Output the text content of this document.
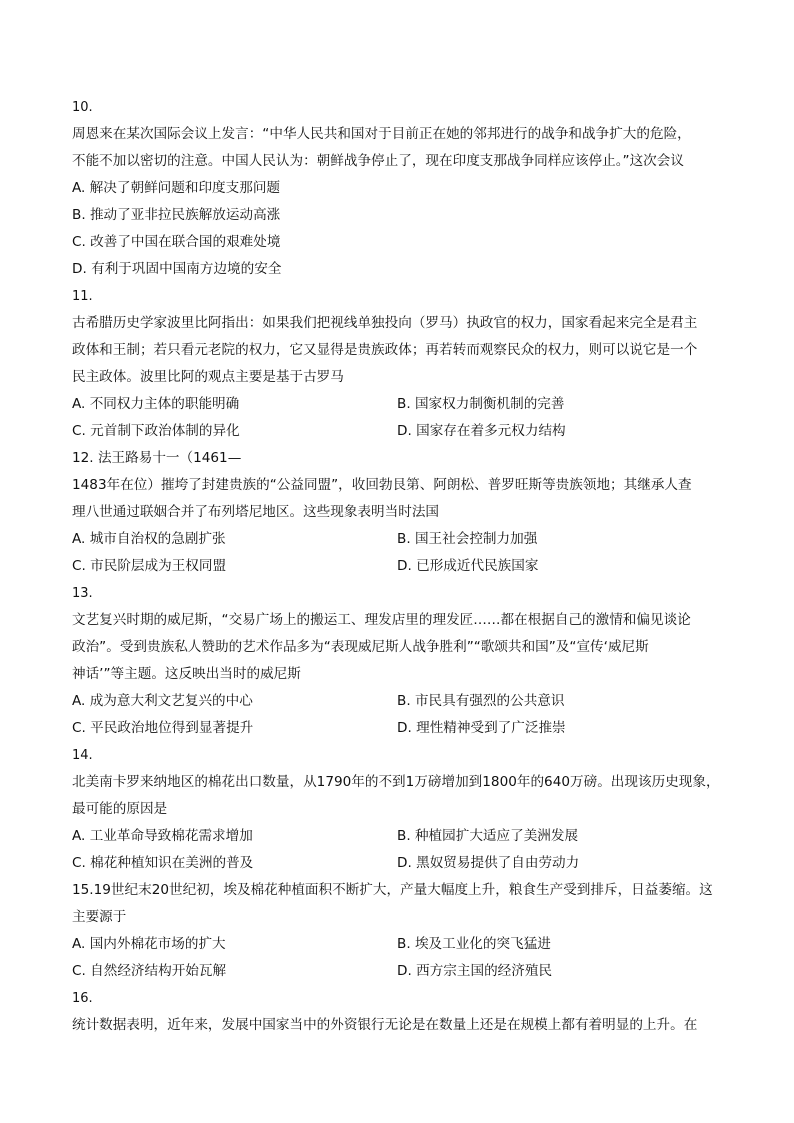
10.
周恩来在某次国际会议上发言：“中华人民共和国对于目前正在她的邻邦进行的战争和战争扩大的危险，
不能不加以密切的注意。中国人民认为：朝鲜战争停止了，现在印度支那战争同样应该停止。”这次会议
A. 解决了朝鲜问题和印度支那问题
B. 推动了亚非拉民族解放运动高涨
C. 改善了中国在联合国的艰难处境
D. 有利于巩固中国南方边境的安全
11.
古希腊历史学家波里比阿指出：如果我们把视线单独投向（罗马）执政官的权力，国家看起来完全是君主
政体和王制；若只看元老院的权力，它又显得是贵族政体；再若转而观察民众的权力，则可以说它是一个
民主政体。波里比阿的观点主要是基于古罗马
A. 不同权力主体的职能明确	B. 国家权力制衡机制的完善
C. 元首制下政治体制的异化	D. 国家存在着多元权力结构
12. 法王路易十一（1461—
1483年在位）摧垮了封建贵族的“公益同盟”，收回勃艮第、阿朗松、普罗旺斯等贵族领地；其继承人查
理八世通过联姻合并了布列塔尼地区。这些现象表明当时法国
A. 城市自治权的急剧扩张	B. 国王社会控制力加强
C. 市民阶层成为王权同盟	D. 已形成近代民族国家
13.
文艺复兴时期的威尼斯，“交易广场上的搬运工、理发店里的理发匠……都在根据自己的激情和偏见谈论
政治”。受到贵族私人赞助的艺术作品多为“表现威尼斯人战争胜利”“歌颂共和国”及“宣传‘威尼斯
神话’”等主题。这反映出当时的威尼斯
A. 成为意大利文艺复兴的中心	B. 市民具有强烈的公共意识
C. 平民政治地位得到显著提升	D. 理性精神受到了广泛推崇
14.
北美南卡罗来纳地区的棉花出口数量，从1790年的不到1万磅增加到1800年的640万磅。出现该历史现象，
最可能的原因是
A. 工业革命导致棉花需求增加	B. 种植园扩大适应了美洲发展
C. 棉花种植知识在美洲的普及	D. 黑奴贸易提供了自由劳动力
15.19世纪末20世纪初，埃及棉花种植面积不断扩大，产量大幅度上升，粮食生产受到排斥，日益萎缩。这
主要源于
A. 国内外棉花市场的扩大	B. 埃及工业化的突飞猛进
C. 自然经济结构开始瓦解	D. 西方宗主国的经济殖民
16.
统计数据表明，近年来，发展中国家当中的外资银行无论是在数量上还是在规模上都有着明显的上升。在
